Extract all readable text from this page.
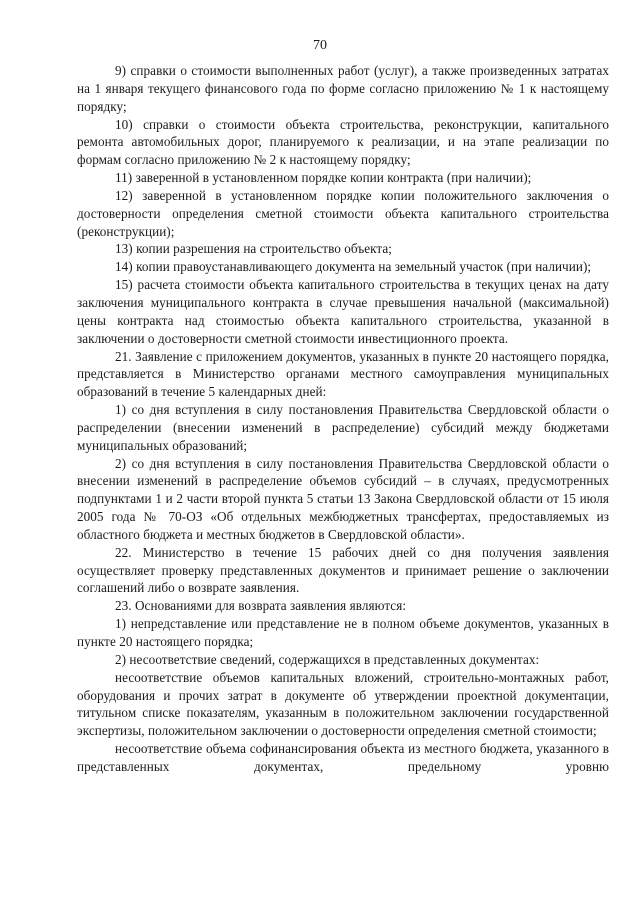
70

9) справки о стоимости выполненных работ (услуг), а также произведенных затратах на 1 января текущего финансового года по форме согласно приложению № 1 к настоящему порядку;

10) справки о стоимости объекта строительства, реконструкции, капитального ремонта автомобильных дорог, планируемого к реализации, и на этапе реализации по формам согласно приложению № 2 к настоящему порядку;

11) заверенной в установленном порядке копии контракта (при наличии);

12) заверенной в установленном порядке копии положительного заключения о достоверности определения сметной стоимости объекта капитального строительства (реконструкции);

13) копии разрешения на строительство объекта;

14) копии правоустанавливающего документа на земельный участок (при наличии);

15) расчета стоимости объекта капитального строительства в текущих ценах на дату заключения муниципального контракта в случае превышения начальной (максимальной) цены контракта над стоимостью объекта капитального строительства, указанной в заключении о достоверности сметной стоимости инвестиционного проекта.

21. Заявление с приложением документов, указанных в пункте 20 настоящего порядка, представляется в Министерство органами местного самоуправления муниципальных образований в течение 5 календарных дней:

1) со дня вступления в силу постановления Правительства Свердловской области о распределении (внесении изменений в распределение) субсидий между бюджетами муниципальных образований;

2) со дня вступления в силу постановления Правительства Свердловской области о внесении изменений в распределение объемов субсидий – в случаях, предусмотренных подпунктами 1 и 2 части второй пункта 5 статьи 13 Закона Свердловской области от 15 июля 2005 года № 70-ОЗ «Об отдельных межбюджетных трансфертах, предоставляемых из областного бюджета и местных бюджетов в Свердловской области».

22. Министерство в течение 15 рабочих дней со дня получения заявления осуществляет проверку представленных документов и принимает решение о заключении соглашений либо о возврате заявления.

23. Основаниями для возврата заявления являются:

1) непредставление или представление не в полном объеме документов, указанных в пункте 20 настоящего порядка;

2) несоответствие сведений, содержащихся в представленных документах:

несоответствие объемов капитальных вложений, строительно-монтажных работ, оборудования и прочих затрат в документе об утверждении проектной документации, титульном списке показателям, указанным в положительном заключении государственной экспертизы, положительном заключении о достоверности определения сметной стоимости;

несоответствие объема софинансирования объекта из местного бюджета, указанного в представленных документах, предельному уровню
